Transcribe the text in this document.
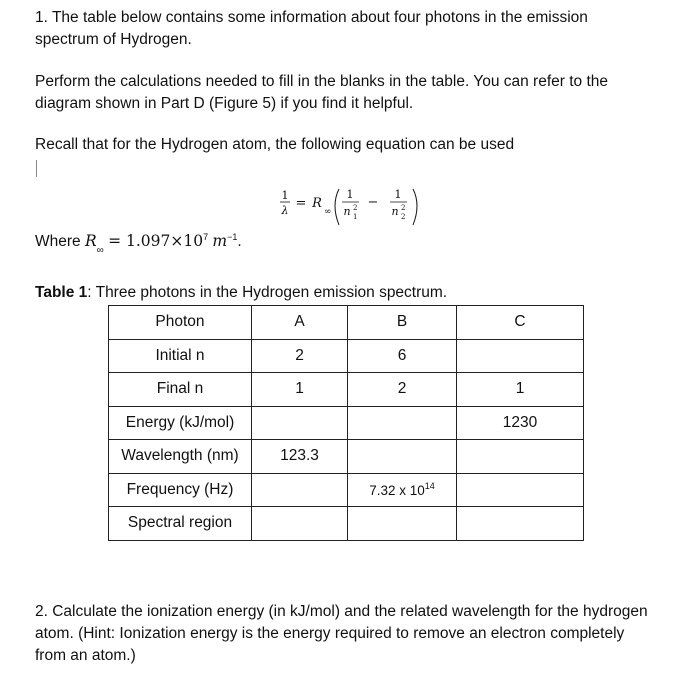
1. The table below contains some information about four photons in the emission spectrum of Hydrogen.
Perform the calculations needed to fill in the blanks in the table. You can refer to the diagram shown in Part D (Figure 5) if you find it helpful.
Recall that for the Hydrogen atom, the following equation can be used
1
λ = R
∞
1
n 2
1
−
1
n 2
2
Where $R_\infty = 1.097\times 10^7$ $m^{-1}$.
Table 1: Three photons in the Hydrogen emission spectrum.
Photon	A	B	C
Initial n	2	6	
Final n	1	2	1
Energy (kJ/mol)			1230
Wavelength (nm)	123.3		
Frequency (Hz)		7.32 x $10^{14}$	
Spectral region			
2. Calculate the ionization energy (in kJ/mol) and the related wavelength for the hydrogen atom. (Hint: Ionization energy is the energy required to remove an electron completely from an atom.)
